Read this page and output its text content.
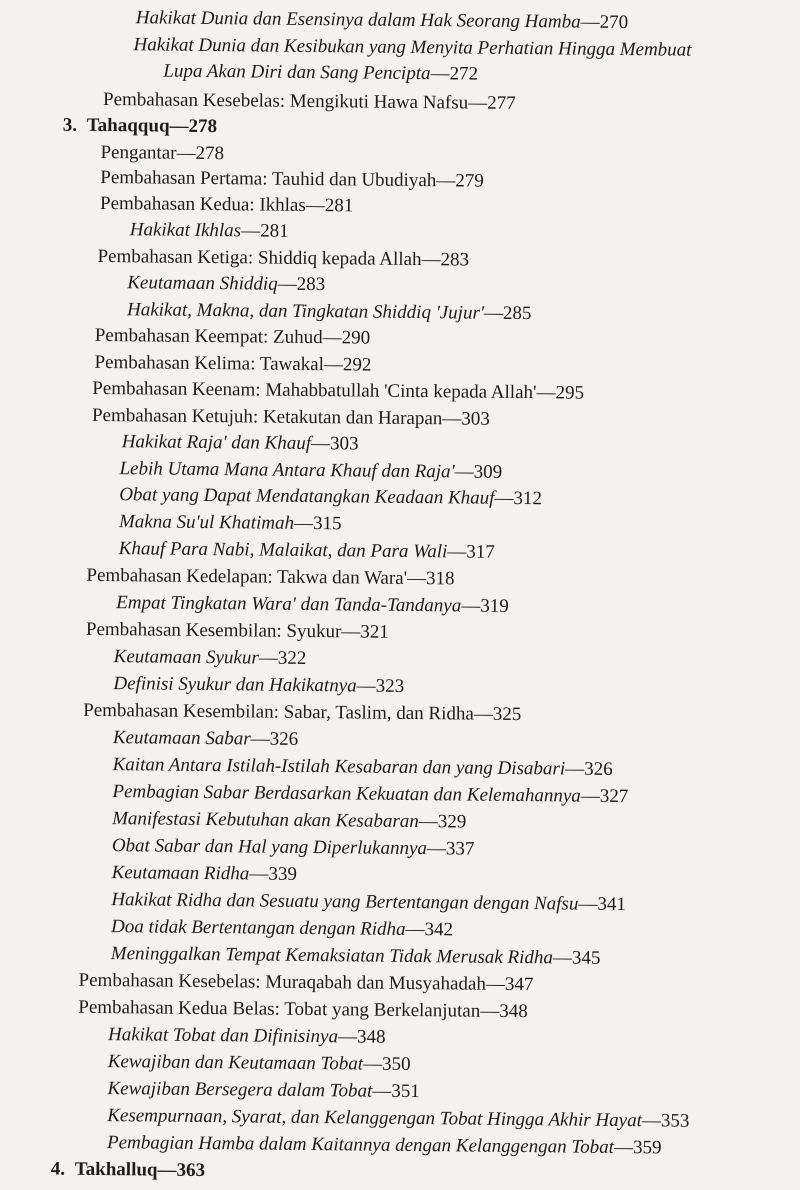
Hakikat Dunia dan Esensinya dalam Hak Seorang Hamba—270
Hakikat Dunia dan Kesibukan yang Menyita Perhatian Hingga Membuat
Lupa Akan Diri dan Sang Pencipta—272
Pembahasan Kesebelas: Mengikuti Hawa Nafsu—277
3. Tahaqquq—278
Pengantar—278
Pembahasan Pertama: Tauhid dan Ubudiyah—279
Pembahasan Kedua: Ikhlas—281
Hakikat Ikhlas—281
Pembahasan Ketiga: Shiddiq kepada Allah—283
Keutamaan Shiddiq—283
Hakikat, Makna, dan Tingkatan Shiddiq 'Jujur'—285
Pembahasan Keempat: Zuhud—290
Pembahasan Kelima: Tawakal—292
Pembahasan Keenam: Mahabbatullah 'Cinta kepada Allah'—295
Pembahasan Ketujuh: Ketakutan dan Harapan—303
Hakikat Raja' dan Khauf—303
Lebih Utama Mana Antara Khauf dan Raja'—309
Obat yang Dapat Mendatangkan Keadaan Khauf—312
Makna Su'ul Khatimah—315
Khauf Para Nabi, Malaikat, dan Para Wali—317
Pembahasan Kedelapan: Takwa dan Wara'—318
Empat Tingkatan Wara' dan Tanda-Tandanya—319
Pembahasan Kesembilan: Syukur—321
Keutamaan Syukur—322
Definisi Syukur dan Hakikatnya—323
Pembahasan Kesembilan: Sabar, Taslim, dan Ridha—325
Keutamaan Sabar—326
Kaitan Antara Istilah-Istilah Kesabaran dan yang Disabari—326
Pembagian Sabar Berdasarkan Kekuatan dan Kelemahannya—327
Manifestasi Kebutuhan akan Kesabaran—329
Obat Sabar dan Hal yang Diperlukannya—337
Keutamaan Ridha—339
Hakikat Ridha dan Sesuatu yang Bertentangan dengan Nafsu—341
Doa tidak Bertentangan dengan Ridha—342
Meninggalkan Tempat Kemaksiatan Tidak Merusak Ridha—345
Pembahasan Kesebelas: Muraqabah dan Musyahadah—347
Pembahasan Kedua Belas: Tobat yang Berkelanjutan—348
Hakikat Tobat dan Difinisinya—348
Kewajiban dan Keutamaan Tobat—350
Kewajiban Bersegera dalam Tobat—351
Kesempurnaan, Syarat, dan Kelanggengan Tobat Hingga Akhir Hayat—353
Pembagian Hamba dalam Kaitannya dengan Kelanggengan Tobat—359
4. Takhalluq—363
